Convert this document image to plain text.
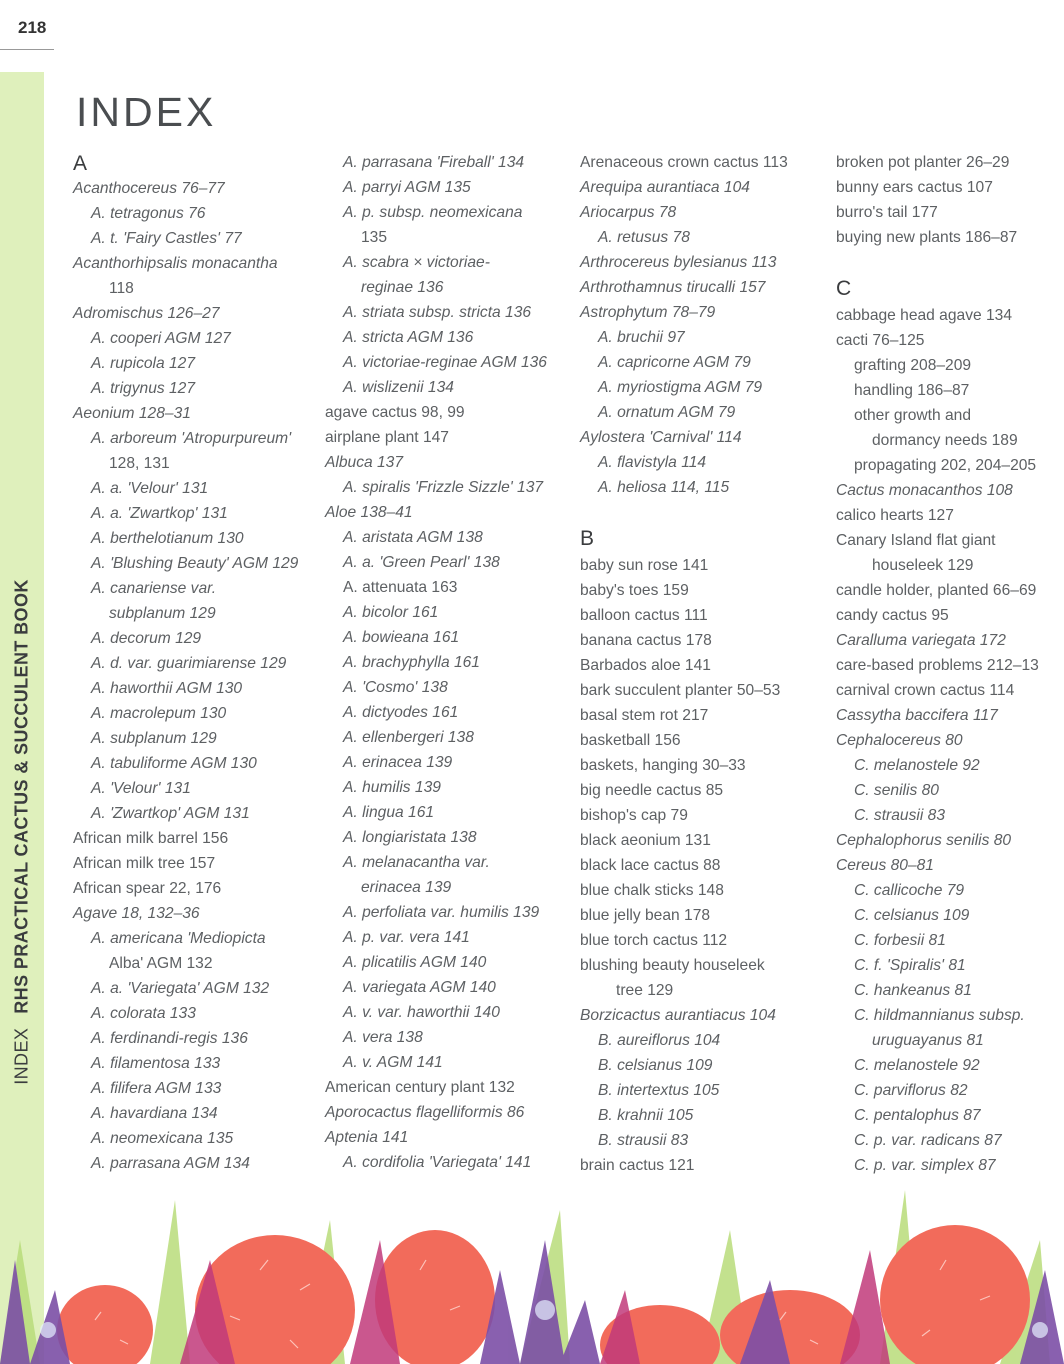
218
INDEXRHS PRACTICAL CACTUS & SUCCULENT BOOK
INDEX
A
Acanthocereus 76–77
A. tetragonus 76
A. t. 'Fairy Castles' 77
Acanthorhipsalis monacantha
118
Adromischus 126–27
A. cooperi AGM 127
A. rupicola 127
A. trigynus 127
Aeonium 128–31
A. arboreum 'Atropurpureum'
128, 131
A. a. 'Velour' 131
A. a. 'Zwartkop' 131
A. berthelotianum 130
A. 'Blushing Beauty' AGM 129
A. canariense var.
subplanum 129
A. decorum 129
A. d. var. guarimiarense 129
A. haworthii AGM 130
A. macrolepum 130
A. subplanum 129
A. tabuliforme AGM 130
A. 'Velour' 131
A. 'Zwartkop' AGM 131
African milk barrel 156
African milk tree 157
African spear 22, 176
Agave 18, 132–36
A. americana 'Mediopicta
Alba' AGM 132
A. a. 'Variegata' AGM 132
A. colorata 133
A. ferdinandi-regis 136
A. filamentosa 133
A. filifera AGM 133
A. havardiana 134
A. neomexicana 135
A. parrasana AGM 134
A. parrasana 'Fireball' 134
A. parryi AGM 135
A. p. subsp. neomexicana
135
A. scabra × victoriae-
reginae 136
A. striata subsp. stricta 136
A. stricta AGM 136
A. victoriae-reginae AGM 136
A. wislizenii 134
agave cactus 98, 99
airplane plant 147
Albuca 137
A. spiralis 'Frizzle Sizzle' 137
Aloe 138–41
A. aristata AGM 138
A. a. 'Green Pearl' 138
A. attenuata 163
A. bicolor 161
A. bowieana 161
A. brachyphylla 161
A. 'Cosmo' 138
A. dictyodes 161
A. ellenbergeri 138
A. erinacea 139
A. humilis 139
A. lingua 161
A. longiaristata 138
A. melanacantha var.
erinacea 139
A. perfoliata var. humilis 139
A. p. var. vera 141
A. plicatilis AGM 140
A. variegata AGM 140
A. v. var. haworthii 140
A. vera 138
A. v. AGM 141
American century plant 132
Aporocactus flagelliformis 86
Aptenia 141
A. cordifolia 'Variegata' 141
Arenaceous crown cactus 113
Arequipa aurantiaca 104
Ariocarpus 78
A. retusus 78
Arthrocereus bylesianus 113
Arthrothamnus tirucalli 157
Astrophytum 78–79
A. bruchii 97
A. capricorne AGM 79
A. myriostigma AGM 79
A. ornatum AGM 79
Aylostera 'Carnival' 114
A. flavistyla 114
A. heliosa 114, 115
B
baby sun rose 141
baby's toes 159
balloon cactus 111
banana cactus 178
Barbados aloe 141
bark succulent planter 50–53
basal stem rot 217
basketball 156
baskets, hanging 30–33
big needle cactus 85
bishop's cap 79
black aeonium 131
black lace cactus 88
blue chalk sticks 148
blue jelly bean 178
blue torch cactus 112
blushing beauty houseleek
tree 129
Borzicactus aurantiacus 104
B. aureiflorus 104
B. celsianus 109
B. intertextus 105
B. krahnii 105
B. strausii 83
brain cactus 121
broken pot planter 26–29
bunny ears cactus 107
burro's tail 177
buying new plants 186–87
C
cabbage head agave 134
cacti 76–125
grafting 208–209
handling 186–87
other growth and
dormancy needs 189
propagating 202, 204–205
Cactus monacanthos 108
calico hearts 127
Canary Island flat giant
houseleek 129
candle holder, planted 66–69
candy cactus 95
Caralluma variegata 172
care-based problems 212–13
carnival crown cactus 114
Cassytha baccifera 117
Cephalocereus 80
C. melanostele 92
C. senilis 80
C. strausii 83
Cephalophorus senilis 80
Cereus 80–81
C. callicoche 79
C. celsianus 109
C. forbesii 81
C. f. 'Spiralis' 81
C. hankeanus 81
C. hildmannianus subsp.
uruguayanus 81
C. melanostele 92
C. parviflorus 82
C. pentalophus 87
C. p. var. radicans 87
C. p. var. simplex 87
